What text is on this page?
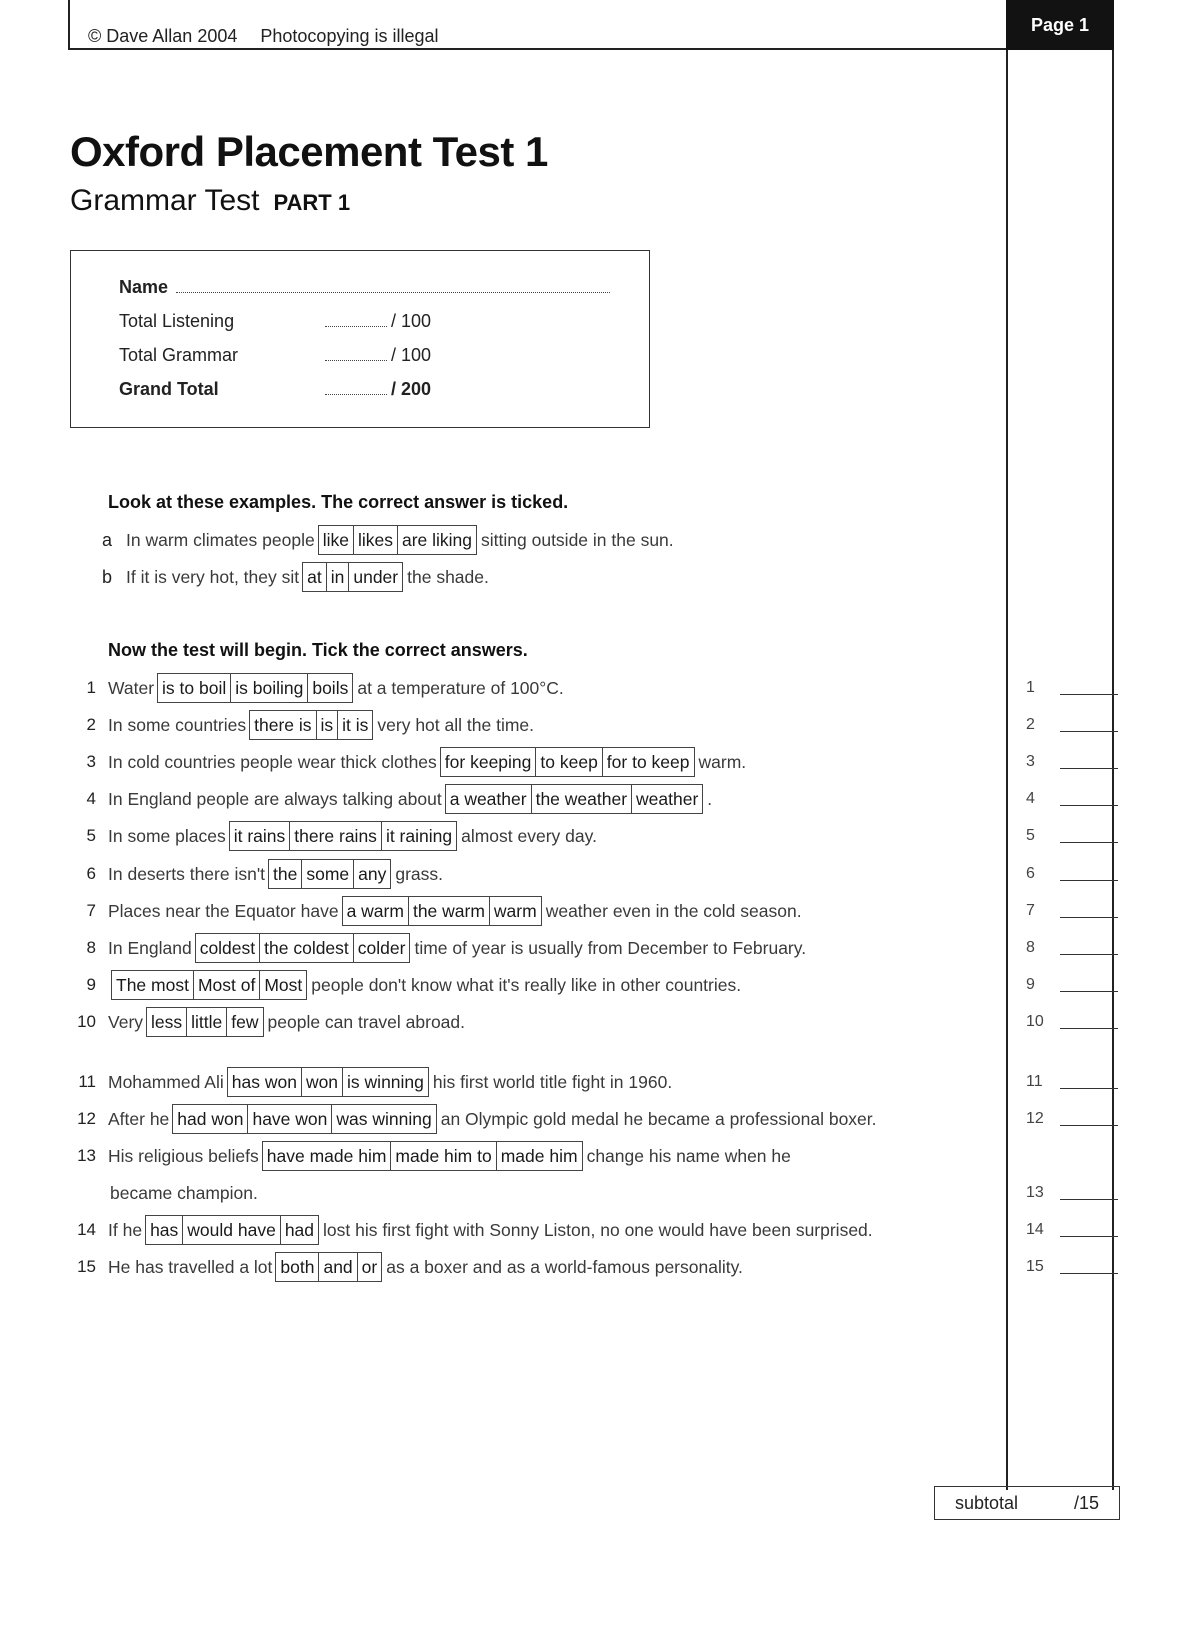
© Dave Allan 2004 Photocopying is illegal
Page 1
Oxford Placement Test 1
Grammar Test PART 1
Name
Total Listening	/ 100
Total Grammar	/ 100
Grand Total	/ 200
Look at these examples. The correct answer is ticked.
Now the test will begin. Tick the correct answers.
a In warm climates people like likes are liking sitting outside in the sun.
b If it is very hot, they sit at in under the shade.
1 Water is to boil is boiling boils at a temperature of 100°C.	1
2 In some countries there is is it is very hot all the time.	2
3 In cold countries people wear thick clothes for keeping to keep for to keep warm.	3
4 In England people are always talking about a weather the weather weather .	4
5 In some places it rains there rains it raining almost every day.	5
6 In deserts there isn't the some any grass.	6
7 Places near the Equator have a warm the warm warm weather even in the cold season.	7
8 In England coldest the coldest colder time of year is usually from December to February.	8
9 The most Most of Most people don't know what it's really like in other countries.	9
10 Very less little few people can travel abroad.	10
11 Mohammed Ali has won won is winning his first world title fight in 1960.	11
12 After he had won have won was winning an Olympic gold medal he became a professional boxer.	12
13 His religious beliefs have made him made him to made him change his name when he
became champion.	13
14 If he has would have had lost his first fight with Sonny Liston, no one would have been surprised.	14
15 He has travelled a lot both and or as a boxer and as a world-famous personality.	15
subtotal	/15
